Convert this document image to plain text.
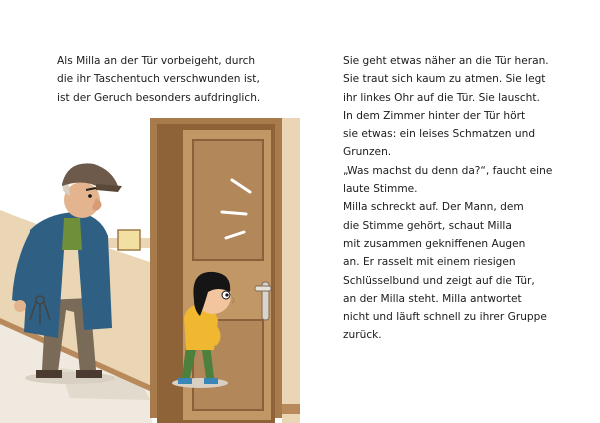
Als Milla an der Tür vorbeigeht, durch
die ihr Taschentuch verschwunden ist,
ist der Geruch besonders aufdringlich.
Sie geht etwas näher an die Tür heran.
Sie traut sich kaum zu atmen. Sie legt
ihr linkes Ohr auf die Tür. Sie lauscht.
In dem Zimmer hinter der Tür hört
sie etwas: ein leises Schmatzen und
Grunzen.
„Was machst du denn da?“, faucht eine
laute Stimme.
Milla schreckt auf. Der Mann, dem
die Stimme gehört, schaut Milla
mit zusammen gekniffenen Augen
an. Er rasselt mit einem riesigen
Schlüsselbund und zeigt auf die Tür,
an der Milla steht. Milla antwortet
nicht und läuft schnell zu ihrer Gruppe
zurück.
